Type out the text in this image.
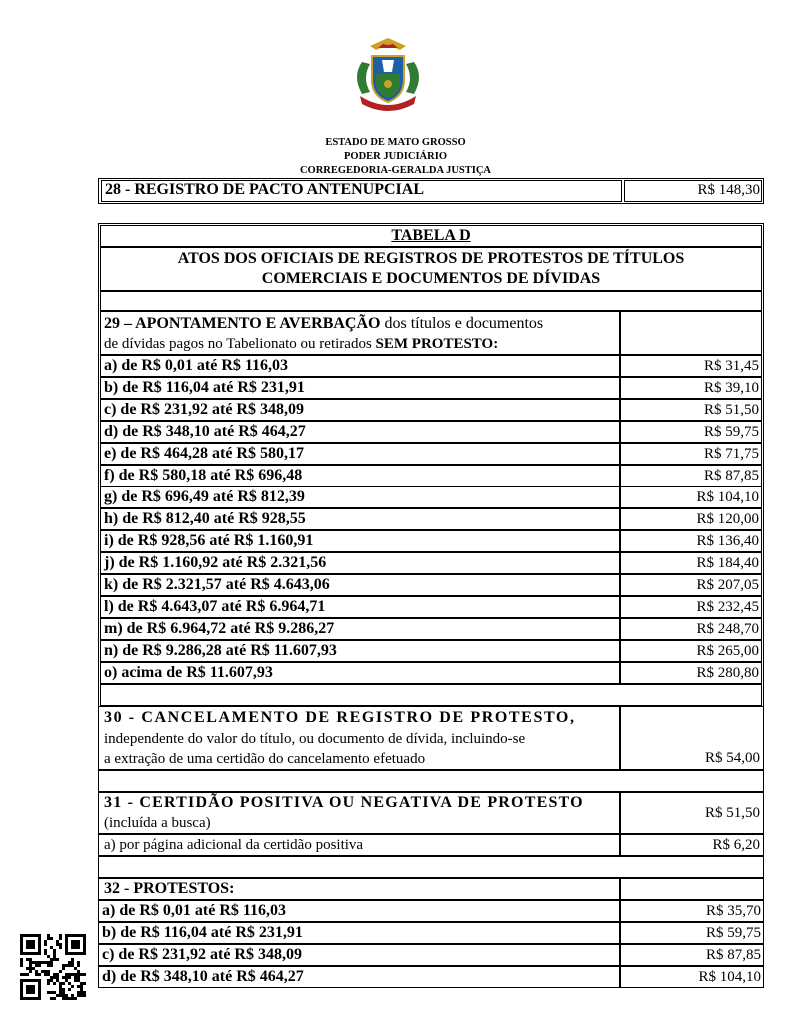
ESTADO DE MATO GROSSO
PODER JUDICIÁRIO
CORREGEDORIA-GERALDA JUSTIÇA
28 - REGISTRO DE PACTO ANTENUPCIAL	R$ 148,30
TABELA D
ATOS DOS OFICIAIS DE REGISTROS DE PROTESTOS DE TÍTULOS
COMERCIAIS E DOCUMENTOS DE DÍVIDAS
29 – APONTAMENTO E AVERBAÇÃO dos títulos e documentos
de dívidas pagos no Tabelionato ou retirados SEM PROTESTO:
a) de R$ 0,01 até R$ 116,03	R$ 31,45
b) de R$ 116,04 até R$ 231,91	R$ 39,10
c) de R$ 231,92 até R$ 348,09	R$ 51,50
d) de R$ 348,10 até R$ 464,27	R$ 59,75
e) de R$ 464,28 até R$ 580,17	R$ 71,75
f) de R$ 580,18 até R$ 696,48	R$ 87,85
g) de R$ 696,49 até R$ 812,39	R$ 104,10
h) de R$ 812,40 até R$ 928,55	R$ 120,00
i) de R$ 928,56 até R$ 1.160,91	R$ 136,40
j) de R$ 1.160,92 até R$ 2.321,56	R$ 184,40
k) de R$ 2.321,57 até R$ 4.643,06	R$ 207,05
l) de R$ 4.643,07 até R$ 6.964,71	R$ 232,45
m) de R$ 6.964,72 até R$ 9.286,27	R$ 248,70
n) de R$ 9.286,28 até R$ 11.607,93	R$ 265,00
o) acima de R$ 11.607,93	R$ 280,80
30 - CANCELAMENTO DE REGISTRO DE PROTESTO,
independente do valor do título, ou documento de dívida, incluindo-se
a extração de uma certidão do cancelamento efetuado	R$ 54,00
31 - CERTIDÃO POSITIVA OU NEGATIVA DE PROTESTO
(incluída a busca)
R$ 51,50
a) por página adicional da certidão positiva	R$ 6,20
32 - PROTESTOS:
a) de R$ 0,01 até R$ 116,03	R$ 35,70
b) de R$ 116,04 até R$ 231,91	R$ 59,75
c) de R$ 231,92 até R$ 348,09	R$ 87,85
d) de R$ 348,10 até R$ 464,27	R$ 104,10
